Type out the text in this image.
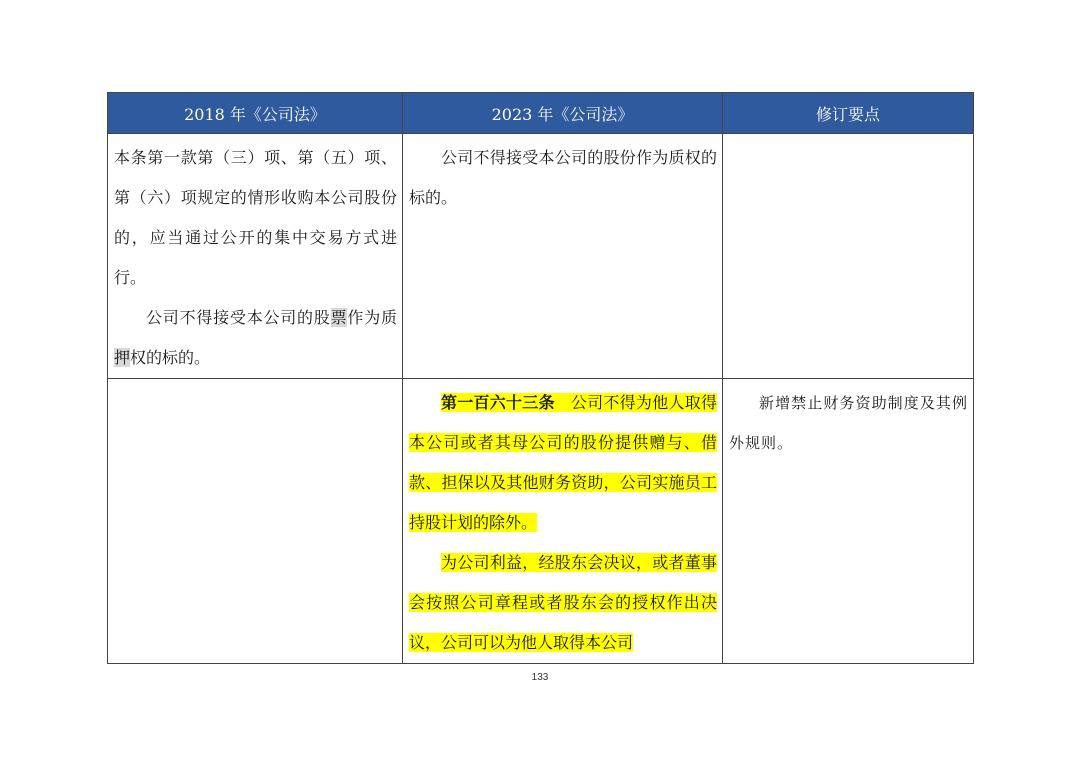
2018 年《公司法》	2023 年《公司法》	修订要点

本条第一款第（三）项、第（五）项、第（六）项规定的情形收购本公司股份的，应当通过公开的集中交易方式进行。

公司不得接受本公司的股票作为质押权的标的。	公司不得接受本公司的股份作为质权的标的。	

	第一百六十三条 公司不得为他人取得本公司或者其母公司的股份提供赠与、借款、担保以及其他财务资助，公司实施员工持股计划的除外。

为公司利益，经股东会决议，或者董事会按照公司章程或者股东会的授权作出决议，公司可以为他人取得本公司	新增禁止财务资助制度及其例外规则。

133
